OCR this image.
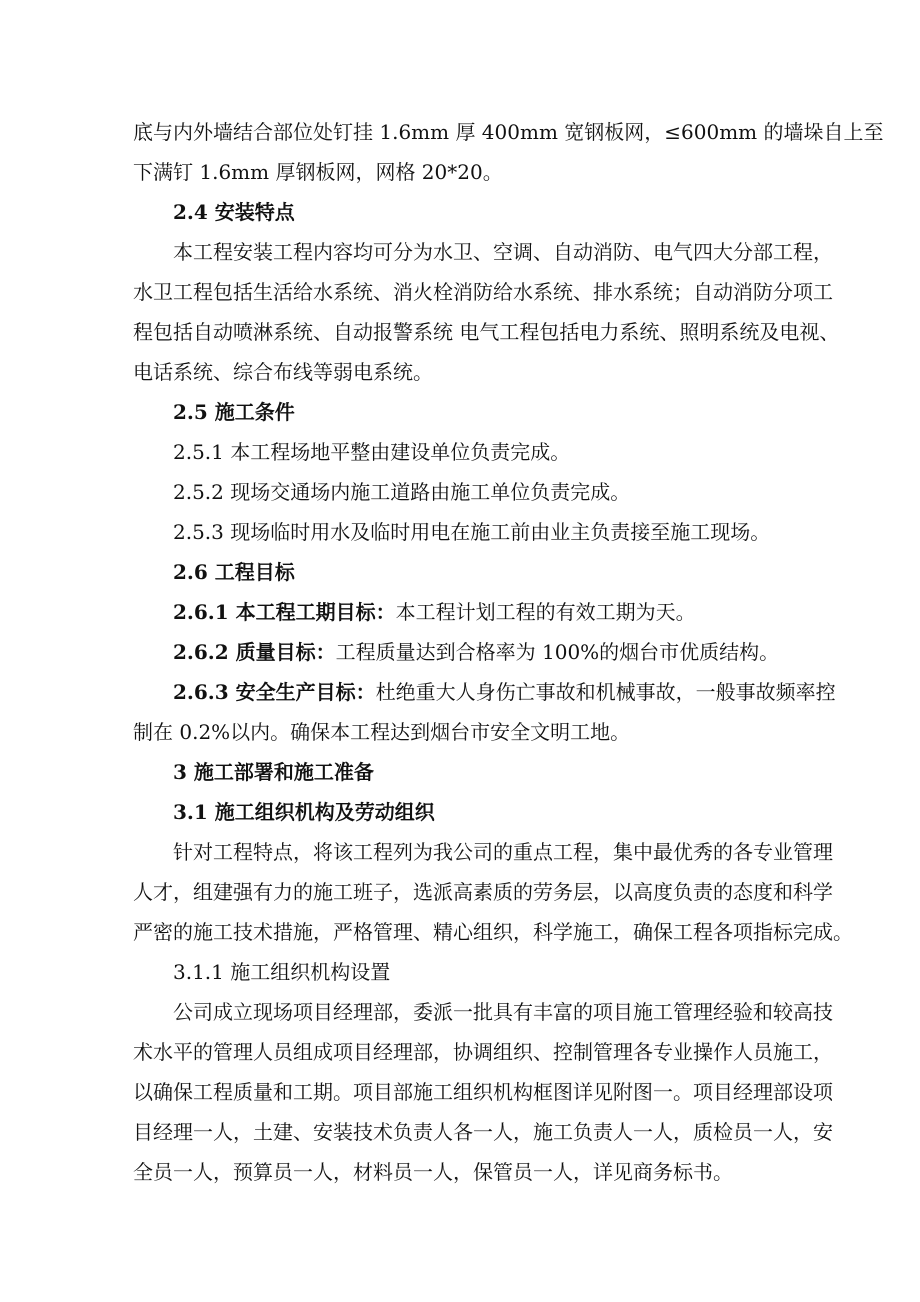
底与内外墙结合部位处钉挂 1.6mm 厚 400mm 宽钢板网，≤600mm 的墙垛自上至
下满钉 1.6mm 厚钢板网，网格 20*20。
2.4 安装特点
本工程安装工程内容均可分为水卫、空调、自动消防、电气四大分部工程，
水卫工程包括生活给水系统、消火栓消防给水系统、排水系统；自动消防分项工
程包括自动喷淋系统、自动报警系统 电气工程包括电力系统、照明系统及电视、
电话系统、综合布线等弱电系统。
2.5 施工条件
2.5.1 本工程场地平整由建设单位负责完成。
2.5.2 现场交通场内施工道路由施工单位负责完成。
2.5.3 现场临时用水及临时用电在施工前由业主负责接至施工现场。
2.6 工程目标
2.6.1 本工程工期目标：本工程计划工程的有效工期为天。
2.6.2 质量目标：工程质量达到合格率为 100%的烟台市优质结构。
2.6.3 安全生产目标：杜绝重大人身伤亡事故和机械事故，一般事故频率控
制在 0.2%以内。确保本工程达到烟台市安全文明工地。
3 施工部署和施工准备
3.1 施工组织机构及劳动组织
针对工程特点，将该工程列为我公司的重点工程，集中最优秀的各专业管理
人才，组建强有力的施工班子，选派高素质的劳务层，以高度负责的态度和科学
严密的施工技术措施，严格管理、精心组织，科学施工，确保工程各项指标完成。
3.1.1 施工组织机构设置
公司成立现场项目经理部，委派一批具有丰富的项目施工管理经验和较高技
术水平的管理人员组成项目经理部，协调组织、控制管理各专业操作人员施工，
以确保工程质量和工期。项目部施工组织机构框图详见附图一。项目经理部设项
目经理一人，土建、安装技术负责人各一人，施工负责人一人，质检员一人，安
全员一人，预算员一人，材料员一人，保管员一人，详见商务标书。
